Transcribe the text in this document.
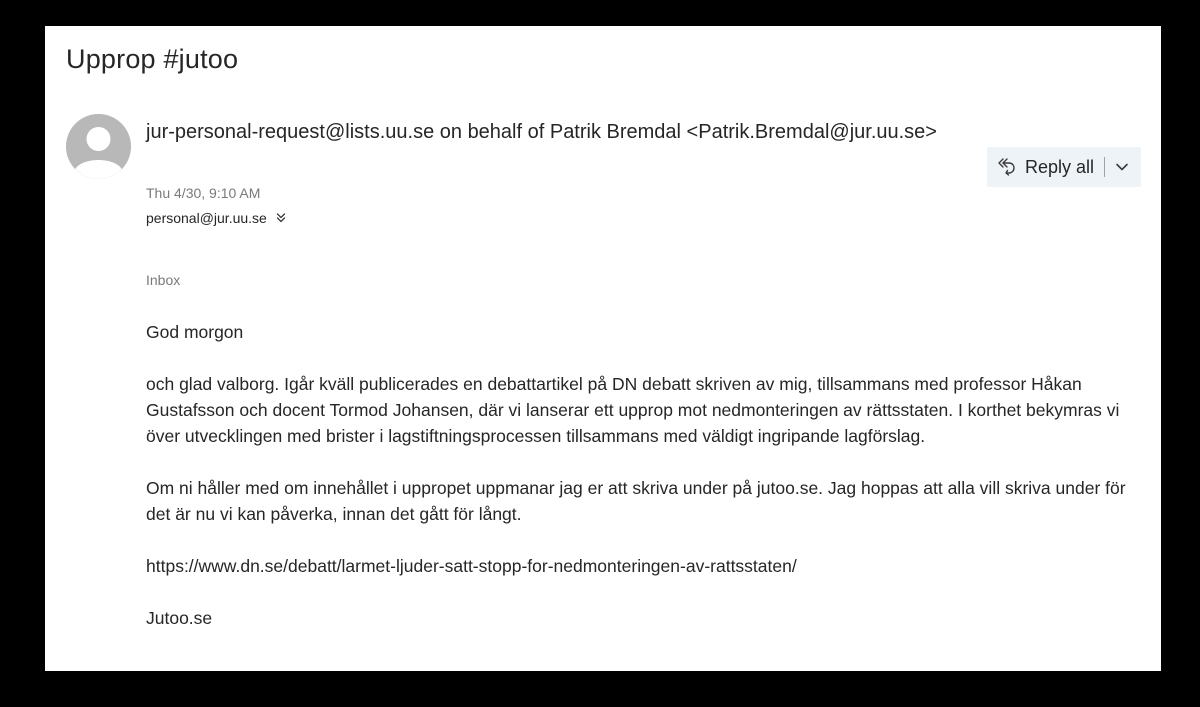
Upprop #jutoo
jur-personal-request@lists.uu.se on behalf of Patrik Bremdal <Patrik.Bremdal@jur.uu.se>
Reply all
Thu 4/30, 9:10 AM
personal@jur.uu.se
Inbox

God morgon

och glad valborg. Igår kväll publicerades en debattartikel på DN debatt skriven av mig, tillsammans med professor Håkan Gustafsson och docent Tormod Johansen, där vi lanserar ett upprop mot nedmonteringen av rättsstaten. I korthet bekymras vi över utvecklingen med brister i lagstiftningsprocessen tillsammans med väldigt ingripande lagförslag.

Om ni håller med om innehållet i uppropet uppmanar jag er att skriva under på jutoo.se. Jag hoppas att alla vill skriva under för det är nu vi kan påverka, innan det gått för långt.

https://www.dn.se/debatt/larmet-ljuder-satt-stopp-for-nedmonteringen-av-rattsstaten/

Jutoo.se
